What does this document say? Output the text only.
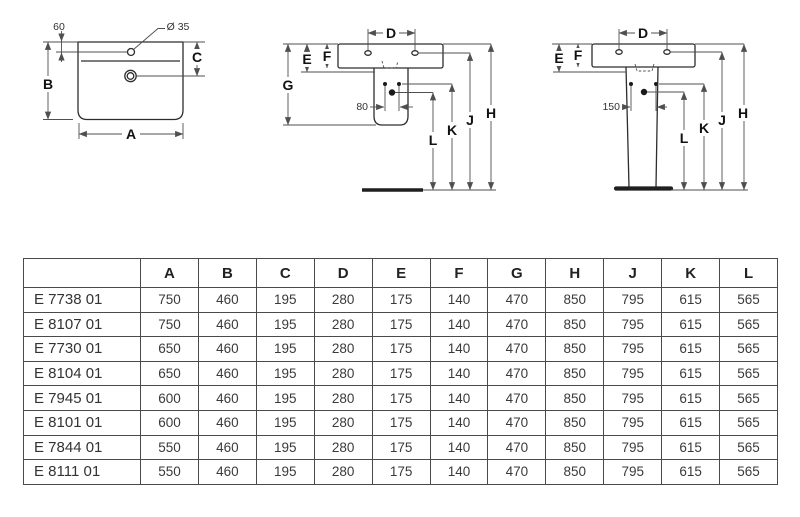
60	Ø 35
B
C
A
D
E F
G
80
L
K
J H
D
E F
150
L
K J H
	A	B	C	D	E	F	G	H	J	K	L
E 7738 01	750	460	195	280	175	140	470	850	795	615	565
E 8107 01	750	460	195	280	175	140	470	850	795	615	565
E 7730 01	650	460	195	280	175	140	470	850	795	615	565
E 8104 01	650	460	195	280	175	140	470	850	795	615	565
E 7945 01	600	460	195	280	175	140	470	850	795	615	565
E 8101 01	600	460	195	280	175	140	470	850	795	615	565
E 7844 01	550	460	195	280	175	140	470	850	795	615	565
E 8111 01	550	460	195	280	175	140	470	850	795	615	565
